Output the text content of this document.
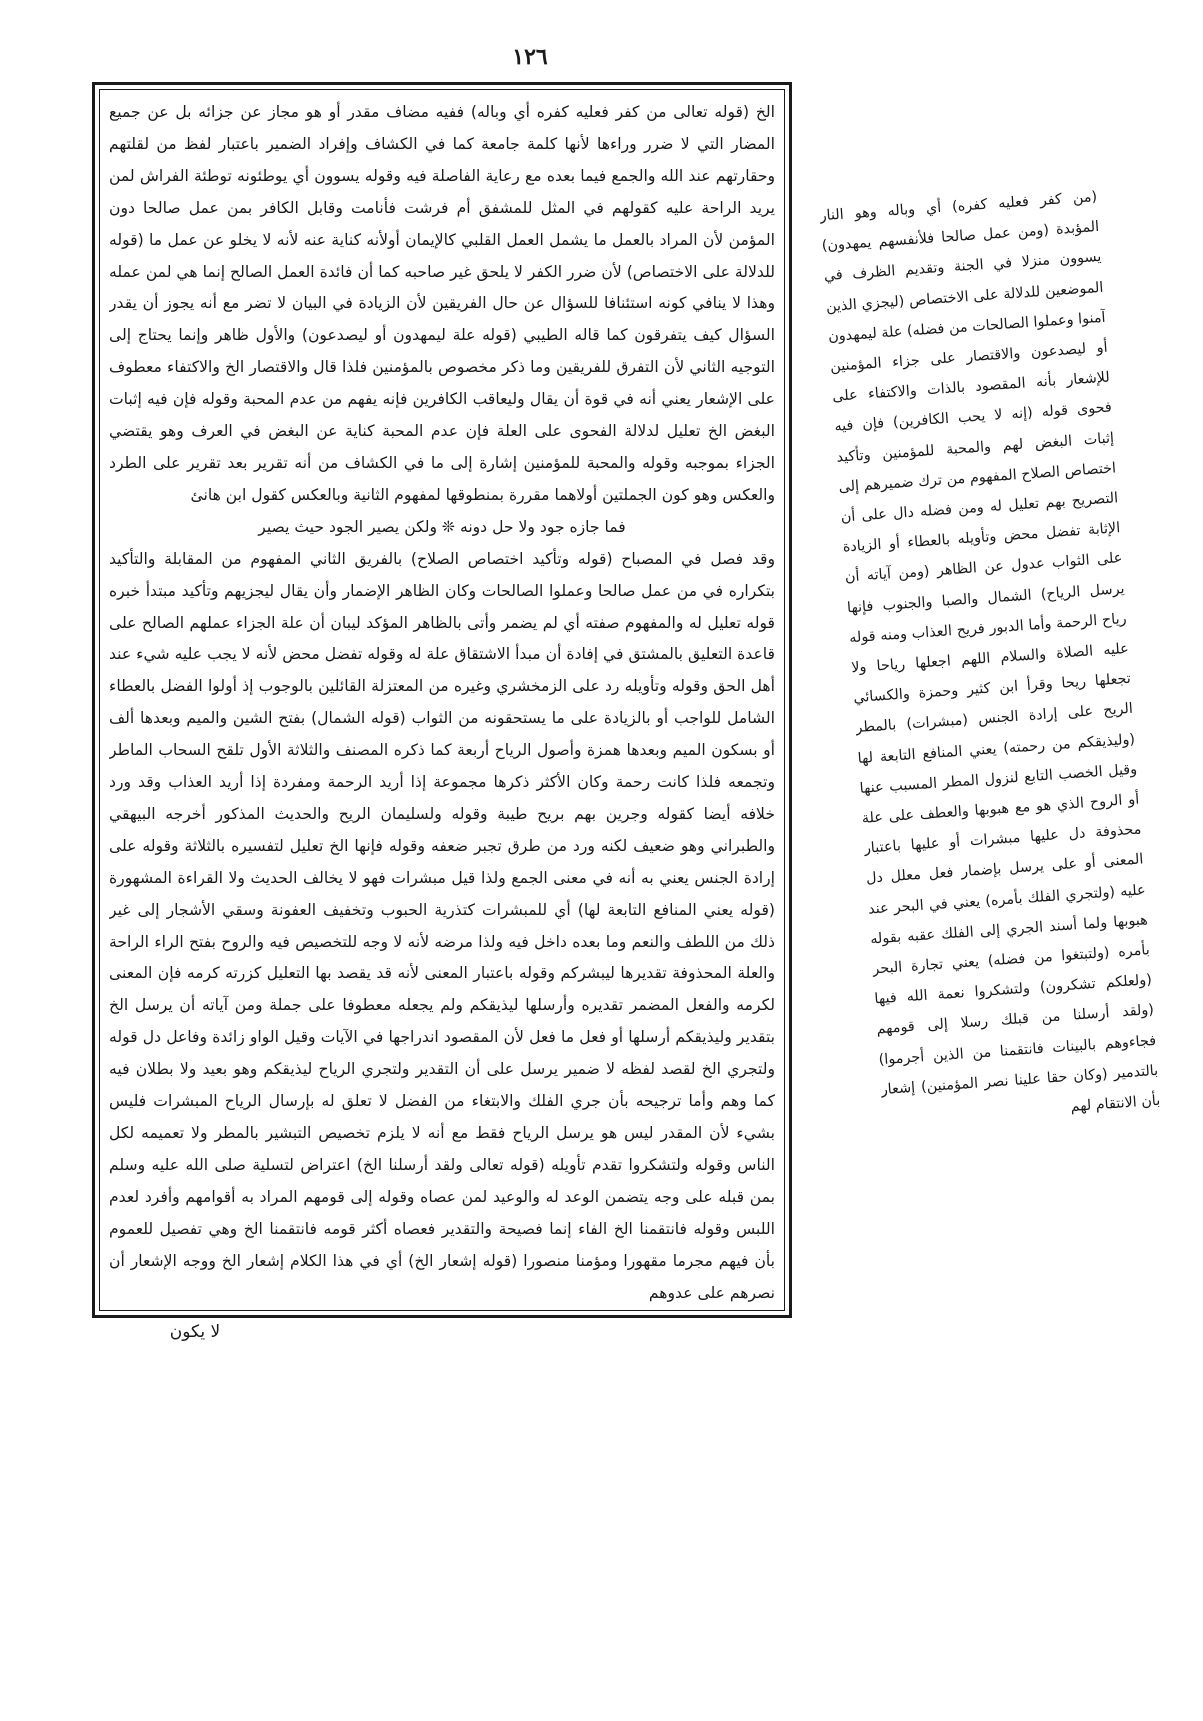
١٢٦

الخ (قوله تعالى من كفر فعليه كفره أي وباله) ففيه مضاف مقدر أو هو مجاز عن جزائه بل عن جميع المضار التي لا ضرر وراءها لأنها كلمة جامعة كما في الكشاف وإفراد الضمير باعتبار لفظ من لقلتهم وحقارتهم عند الله والجمع فيما بعده مع رعاية الفاصلة فيه وقوله يسوون أي يوطئونه توطئة الفراش لمن يريد الراحة عليه كقولهم في المثل للمشفق أم فرشت فأنامت وقابل الكافر بمن عمل صالحا دون المؤمن لأن المراد بالعمل ما يشمل العمل القلبي كالإيمان أولأنه كناية عنه لأنه لا يخلو عن عمل ما (قوله للدلالة على الاختصاص) لأن ضرر الكفر لا يلحق غير صاحبه كما أن فائدة العمل الصالح إنما هي لمن عمله وهذا لا ينافي كونه استئنافا للسؤال عن حال الفريقين لأن الزيادة في البيان لا تضر مع أنه يجوز أن يقدر السؤال كيف يتفرقون كما قاله الطيبي (قوله علة ليمهدون أو ليصدعون) والأول ظاهر وإنما يحتاج إلى التوجيه الثاني لأن التفرق للفريقين وما ذكر مخصوص بالمؤمنين فلذا قال والاقتصار الخ والاكتفاء معطوف على الإشعار يعني أنه في قوة أن يقال وليعاقب الكافرين فإنه يفهم من عدم المحبة وقوله فإن فيه إثبات البغض الخ تعليل لدلالة الفحوى على العلة فإن عدم المحبة كناية عن البغض في العرف وهو يقتضي الجزاء بموجبه وقوله والمحبة للمؤمنين إشارة إلى ما في الكشاف من أنه تقرير بعد تقرير على الطرد والعكس وهو كون الجملتين أولاهما مقررة بمنطوقها لمفهوم الثانية وبالعكس كقول ابن هانئ

فما جازه جود ولا حل دونه ❊ ولكن يصير الجود حيث يصير

وقد فصل في المصباح (قوله وتأكيد اختصاص الصلاح) بالفريق الثاني المفهوم من المقابلة والتأكيد بتكراره في من عمل صالحا وعملوا الصالحات وكان الظاهر الإضمار وأن يقال ليجزيهم وتأكيد مبتدأ خبره قوله تعليل له والمفهوم صفته أي لم يضمر وأتى بالظاهر المؤكد ليبان أن علة الجزاء عملهم الصالح على قاعدة التعليق بالمشتق في إفادة أن مبدأ الاشتقاق علة له وقوله تفضل محض لأنه لا يجب عليه شيء عند أهل الحق وقوله وتأويله رد على الزمخشري وغيره من المعتزلة القائلين بالوجوب إذ أولوا الفضل بالعطاء الشامل للواجب أو بالزيادة على ما يستحقونه من الثواب (قوله الشمال) بفتح الشين والميم وبعدها ألف أو بسكون الميم وبعدها همزة وأصول الرياح أربعة كما ذكره المصنف والثلاثة الأول تلقح السحاب الماطر وتجمعه فلذا كانت رحمة وكان الأكثر ذكرها مجموعة إذا أريد الرحمة ومفردة إذا أريد العذاب وقد ورد خلافه أيضا كقوله وجرين بهم بريح طيبة وقوله ولسليمان الريح والحديث المذكور أخرجه البيهقي والطبراني وهو ضعيف لكنه ورد من طرق تجبر ضعفه وقوله فإنها الخ تعليل لتفسيره بالثلاثة وقوله على إرادة الجنس يعني به أنه في معنى الجمع ولذا قيل مبشرات فهو لا يخالف الحديث ولا القراءة المشهورة (قوله يعني المنافع التابعة لها) أي للمبشرات كتذرية الحبوب وتخفيف العفونة وسقي الأشجار إلى غير ذلك من اللطف والنعم وما بعده داخل فيه ولذا مرضه لأنه لا وجه للتخصيص فيه والروح بفتح الراء الراحة والعلة المحذوفة تقديرها ليبشركم وقوله باعتبار المعنى لأنه قد يقصد بها التعليل كزرته كرمه فإن المعنى لكرمه والفعل المضمر تقديره وأرسلها ليذيقكم ولم يجعله معطوفا على جملة ومن آياته أن يرسل الخ بتقدير وليذيقكم أرسلها أو فعل ما فعل لأن المقصود اندراجها في الآيات وقيل الواو زائدة وفاعل دل قوله ولتجري الخ لقصد لفظه لا ضمير يرسل على أن التقدير ولتجري الرياح ليذيقكم وهو بعيد ولا بطلان فيه كما وهم وأما ترجيحه بأن جري الفلك والابتغاء من الفضل لا تعلق له بإرسال الرياح المبشرات فليس بشيء لأن المقدر ليس هو يرسل الرياح فقط مع أنه لا يلزم تخصيص التبشير بالمطر ولا تعميمه لكل الناس وقوله ولتشكروا تقدم تأويله (قوله تعالى ولقد أرسلنا الخ) اعتراض لتسلية صلى الله عليه وسلم بمن قبله على وجه يتضمن الوعد له والوعيد لمن عصاه وقوله إلى قومهم المراد به أقوامهم وأفرد لعدم اللبس وقوله فانتقمنا الخ الفاء إنما فصيحة والتقدير فعصاه أكثر قومه فانتقمنا الخ وهي تفصيل للعموم بأن فيهم مجرما مقهورا ومؤمنا منصورا (قوله إشعار الخ) أي في هذا الكلام إشعار الخ ووجه الإشعار أن نصرهم على عدوهم

(من كفر فعليه كفره) أي وباله وهو النار المؤبدة (ومن عمل صالحا فلأنفسهم يمهدون) يسوون منزلا في الجنة وتقديم الظرف في الموضعين للدلالة على الاختصاص (ليجزي الذين آمنوا وعملوا الصالحات من فضله) علة ليمهدون أو ليصدعون والاقتصار على جزاء المؤمنين للإشعار بأنه المقصود بالذات والاكتفاء على فحوى قوله (إنه لا يحب الكافرين) فإن فيه إثبات البغض لهم والمحبة للمؤمنين وتأكيد اختصاص الصلاح المفهوم من ترك ضميرهم إلى التصريح بهم تعليل له ومن فضله دال على أن الإثابة تفضل محض وتأويله بالعطاء أو الزيادة على الثواب عدول عن الظاهر (ومن آياته أن يرسل الرياح) الشمال والصبا والجنوب فإنها رياح الرحمة وأما الدبور فريح العذاب ومنه قوله عليه الصلاة والسلام اللهم اجعلها رياحا ولا تجعلها ريحا وقرأ ابن كثير وحمزة والكسائي الريح على إرادة الجنس (مبشرات) بالمطر (وليذيقكم من رحمته) يعني المنافع التابعة لها وقيل الخصب التابع لنزول المطر المسبب عنها أو الروح الذي هو مع هبوبها والعطف على علة محذوفة دل عليها مبشرات أو عليها باعتبار المعنى أو على يرسل بإضمار فعل معلل دل عليه (ولتجري الفلك بأمره) يعني في البحر عند هبوبها ولما أسند الجري إلى الفلك عقبه بقوله بأمره (ولتبتغوا من فضله) يعني تجارة البحر (ولعلكم تشكرون) ولتشكروا نعمة الله فيها (ولقد أرسلنا من قبلك رسلا إلى قومهم فجاءوهم بالبينات فانتقمنا من الذين أجرموا) بالتدمير (وكان حقا علينا نصر المؤمنين) إشعار بأن الانتقام لهم

لا يكون
